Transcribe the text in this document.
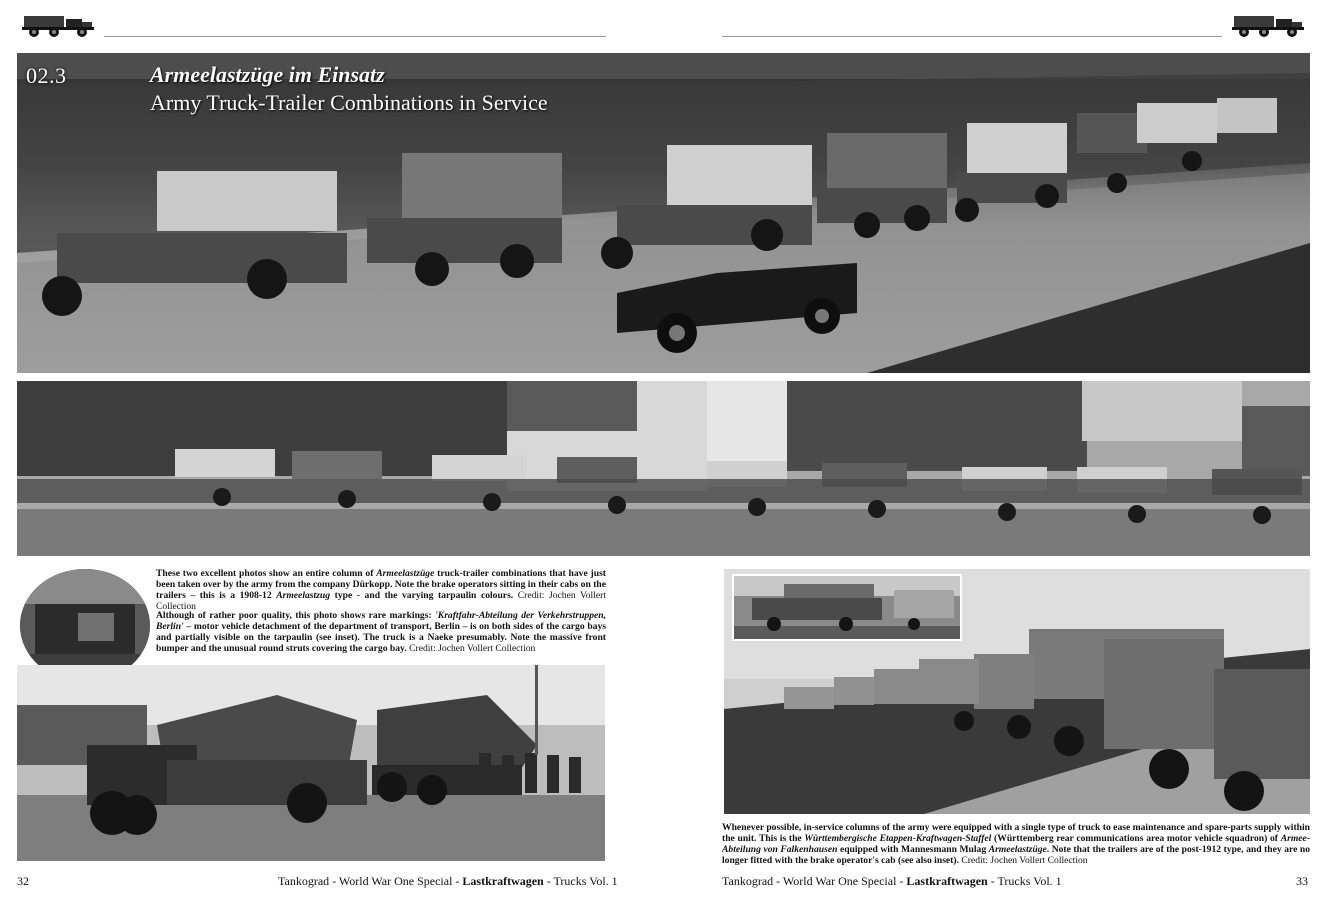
02.3	Armeelastzüge im Einsatz
Army Truck-Trailer Combinations in Service
These two excellent photos show an entire column of Armeelastzüge truck-trailer combinations that have just been taken over by the army from the company Dürkopp. Note the brake operators sitting in their cabs on the trailers – this is a 1908-12 Armeelastzug type - and the varying tarpaulin colours. Credit: Jochen Vollert Collection
Although of rather poor quality, this photo shows rare markings: 'Kraftfahr-Abteilung der Verkehrstruppen, Berlin' – motor vehicle detachment of the department of transport, Berlin – is on both sides of the cargo bays and partially visible on the tarpaulin (see inset). The truck is a Naeke presumably. Note the massive front bumper and the unusual round struts covering the cargo bay. Credit: Jochen Vollert Collection
Whenever possible, in-service columns of the army were equipped with a single type of truck to ease maintenance and spare-parts supply within the unit. This is the Württembergische Etappen-Kraftwagen-Staffel (Württemberg rear communications area motor vehicle squadron) of Armee-Abteilung von Falkenhausen equipped with Mannesmann Mulag Armeelastzüge. Note that the trailers are of the post-1912 type, and they are no longer fitted with the brake operator's cab (see also inset). Credit: Jochen Vollert Collection
32	Tankograd - World War One Special - Lastkraftwagen - Trucks Vol. 1	Tankograd - World War One Special - Lastkraftwagen - Trucks Vol. 1	33
